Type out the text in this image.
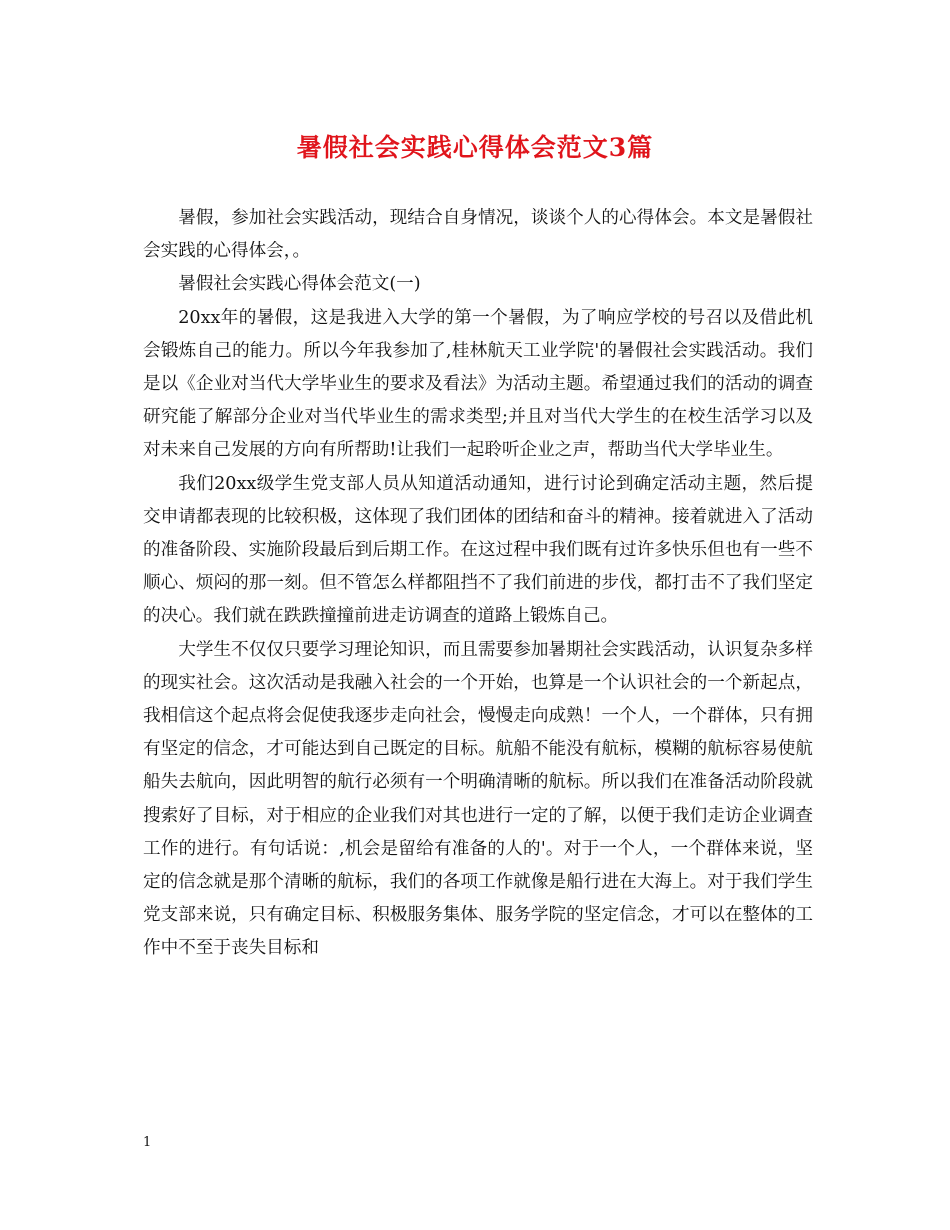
暑假社会实践心得体会范文3篇

暑假，参加社会实践活动，现结合自身情况，谈谈个人的心得体会。本文是暑假社会实践的心得体会，。

暑假社会实践心得体会范文(一)

20xx年的暑假，这是我进入大学的第一个暑假，为了响应学校的号召以及借此机会锻炼自己的能力。所以今年我参加了,桂林航天工业学院'的暑假社会实践活动。我们是以《企业对当代大学毕业生的要求及看法》为活动主题。希望通过我们的活动的调查研究能了解部分企业对当代毕业生的需求类型;并且对当代大学生的在校生活学习以及对未来自己发展的方向有所帮助!让我们一起聆听企业之声，帮助当代大学毕业生。

我们20xx级学生党支部人员从知道活动通知，进行讨论到确定活动主题，然后提交申请都表现的比较积极，这体现了我们团体的团结和奋斗的精神。接着就进入了活动的准备阶段、实施阶段最后到后期工作。在这过程中我们既有过许多快乐但也有一些不顺心、烦闷的那一刻。但不管怎么样都阻挡不了我们前进的步伐，都打击不了我们坚定的决心。我们就在跌跌撞撞前进走访调查的道路上锻炼自己。

大学生不仅仅只要学习理论知识，而且需要参加暑期社会实践活动，认识复杂多样的现实社会。这次活动是我融入社会的一个开始，也算是一个认识社会的一个新起点，我相信这个起点将会促使我逐步走向社会，慢慢走向成熟！一个人，一个群体，只有拥有坚定的信念，才可能达到自己既定的目标。航船不能没有航标，模糊的航标容易使航船失去航向，因此明智的航行必须有一个明确清晰的航标。所以我们在准备活动阶段就搜索好了目标，对于相应的企业我们对其也进行一定的了解，以便于我们走访企业调查工作的进行。有句话说：,机会是留给有准备的人的'。对于一个人，一个群体来说，坚定的信念就是那个清晰的航标，我们的各项工作就像是船行进在大海上。对于我们学生党支部来说，只有确定目标、积极服务集体、服务学院的坚定信念，才可以在整体的工作中不至于丧失目标和

1
